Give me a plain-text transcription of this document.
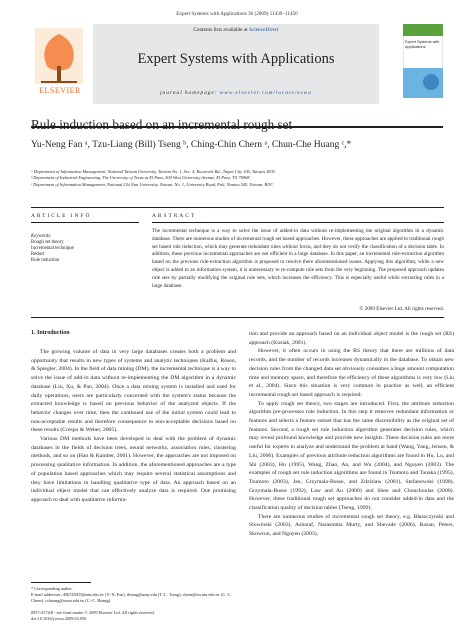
Expert Systems with Applications 36 (2009) 11439–11450
ELSEVIER
Contents lists available at ScienceDirect
Expert Systems with Applications
journal homepage: www.elsevier.com/locate/eswa
Expert Systems with Applications
Rule induction based on an incremental rough set
Yu-Neng Fan ᵃ, Tzu-Liang (Bill) Tseng ᵇ, Ching-Chin Chern ᵃ, Chun-Che Huang ᶜ,*
ᵃ Department of Information Management, National Taiwan University, Taiwan No. 1, Sec. 4, Roosevelt Rd., Taipei City 106, Taiwan, ROC
ᵇ Department of Industrial Engineering, The University of Texas at El Paso, 500 West University Avenue, El Paso, TX 79968
ᶜ Department of Information Management, National Chi Nan University, Taiwan, No. 1, University Road, Puli, Nantou 545, Taiwan, ROC
ARTICLE INFO	ABSTRACT
Keywords:
Rough set theory
Incremental technique
Reduct
Rule induction
The incremental technique is a way to solve the issue of added-in data without re-implementing the original algorithm in a dynamic database. There are numerous studies of incremental rough set based approaches. However, these approaches are applied to traditional rough set based rule induction, which may generate redundant rules without focus, and they do not verify the classification of a decision table. In addition, these previous incremental approaches are not efficient in a large database. In this paper, an incremental rule-extraction algorithm based on the previous rule-extraction algorithm is proposed to resolve there aforementioned issues. Applying this algorithm, while a new object is added to an information system, it is unnecessary to re-compute rule sets from the very beginning. The proposed approach updates rule sets by partially modifying the original rule sets, which increases the efficiency. This is especially useful while extracting rules in a large database.
© 2009 Elsevier Ltd. All rights reserved.
1. Introduction

The growing volume of data in very large databases creates both a problem and opportunity that results in new types of systems and analytic techniques (Kalfus, Rosen, & Spiegler, 2004). In the field of data mining (DM), the incremental technique is a way to solve the issue of add-in data without re-implementing the DM algorithm in a dynamic database (Liu, Xu, & Pan, 2004). Once a data mining system is installed and used for daily operations, users are particularly concerned with the system's status because the extracted knowledge is based on previous behavior of the analyzed objects. If the behavior changes over time, then the continued use of the initial system could lead to non-acceptable results and therefore consequence to non-acceptable decisions based on these results (Crespo & Weber, 2005).

Various DM methods have been developed to deal with the problem of dynamic databases in the fields of decision trees, neural networks, association rules, clustering methods, and so on (Han & Kamber, 2001). However, the approaches are not imposed on processing qualitative information. In addition, the aforementioned approaches are a type of population based approaches which may require several statistical assumptions and they have limitations in handling qualitative type of data. An approach based on an individual object model that can effectively analyze data is required. One promising approach to deal with qualitative informa-

tion and provide an approach based on an individual object model is the rough set (RS) approach (Kusiak, 2001).

However, it often occurs in using the RS theory that there are millions of data records, and the number of records increases dynamically in the database. To obtain new decision rules from the changed data set obviously consumes a huge amount computation time and memory space, and therefore the efficiency of these algorithms is very low (Liu et al., 2004). Since this situation is very common in practice as well, an efficient incremental rough set based approach is required.

To apply rough set theory, two stages are introduced. First, the attribute reduction algorithm pre-processes rule induction. In this step it removes redundant information or features and selects a feature subset that has the same discernibility as the original set of features. Second, a rough set rule induction algorithm generates decision rules, which may reveal profound knowledge and provide new insights. These decision rules are more useful for experts to analyze and understand the problem at hand (Wang, Yang, Jensen, & Liu, 2006). Examples of previous attribute reduction algorithms are found in Hu, Lu, and Shi (2003), Hu (1995), Wang, Zhao, An, and Wu (2004), and Nguyen (2003). The examples of rough set rule induction algorithms are found in Tsumoto and Tanaka (1995), Tsumoto (2003), Jan, Grzymala-Busse, and Zdzislaw (2001), Stefanowski (1998), Grzymala-Busse (1992), Law and Au (2000) and Shen and Chouchoulas (2000). However, these traditional rough set approaches do not consider added-in data and the classification quality of decision tables (Tseng, 1999).

There are numerous studies of incremental rough set theory, e.g. Błaszczynski and Slowinski (2003), Asharaf, Narasimha Murty, and Shevade (2006), Bazan, Peters, Skowron, and Nguyen (2003),

* Corresponding author.
E-mail addresses: d96725003@ntu.edu.tw (Y.-N. Fan), tltseng@utep.edu (T.-L. Tseng), chern@im.ntu.edu.tw (C.-C. Chern), cchuang@ncnu.edu.tw (C.-C. Huang).
0957-4174/$ - see front matter © 2009 Elsevier Ltd. All rights reserved.
doi:10.1016/j.eswa.2009.03.056
